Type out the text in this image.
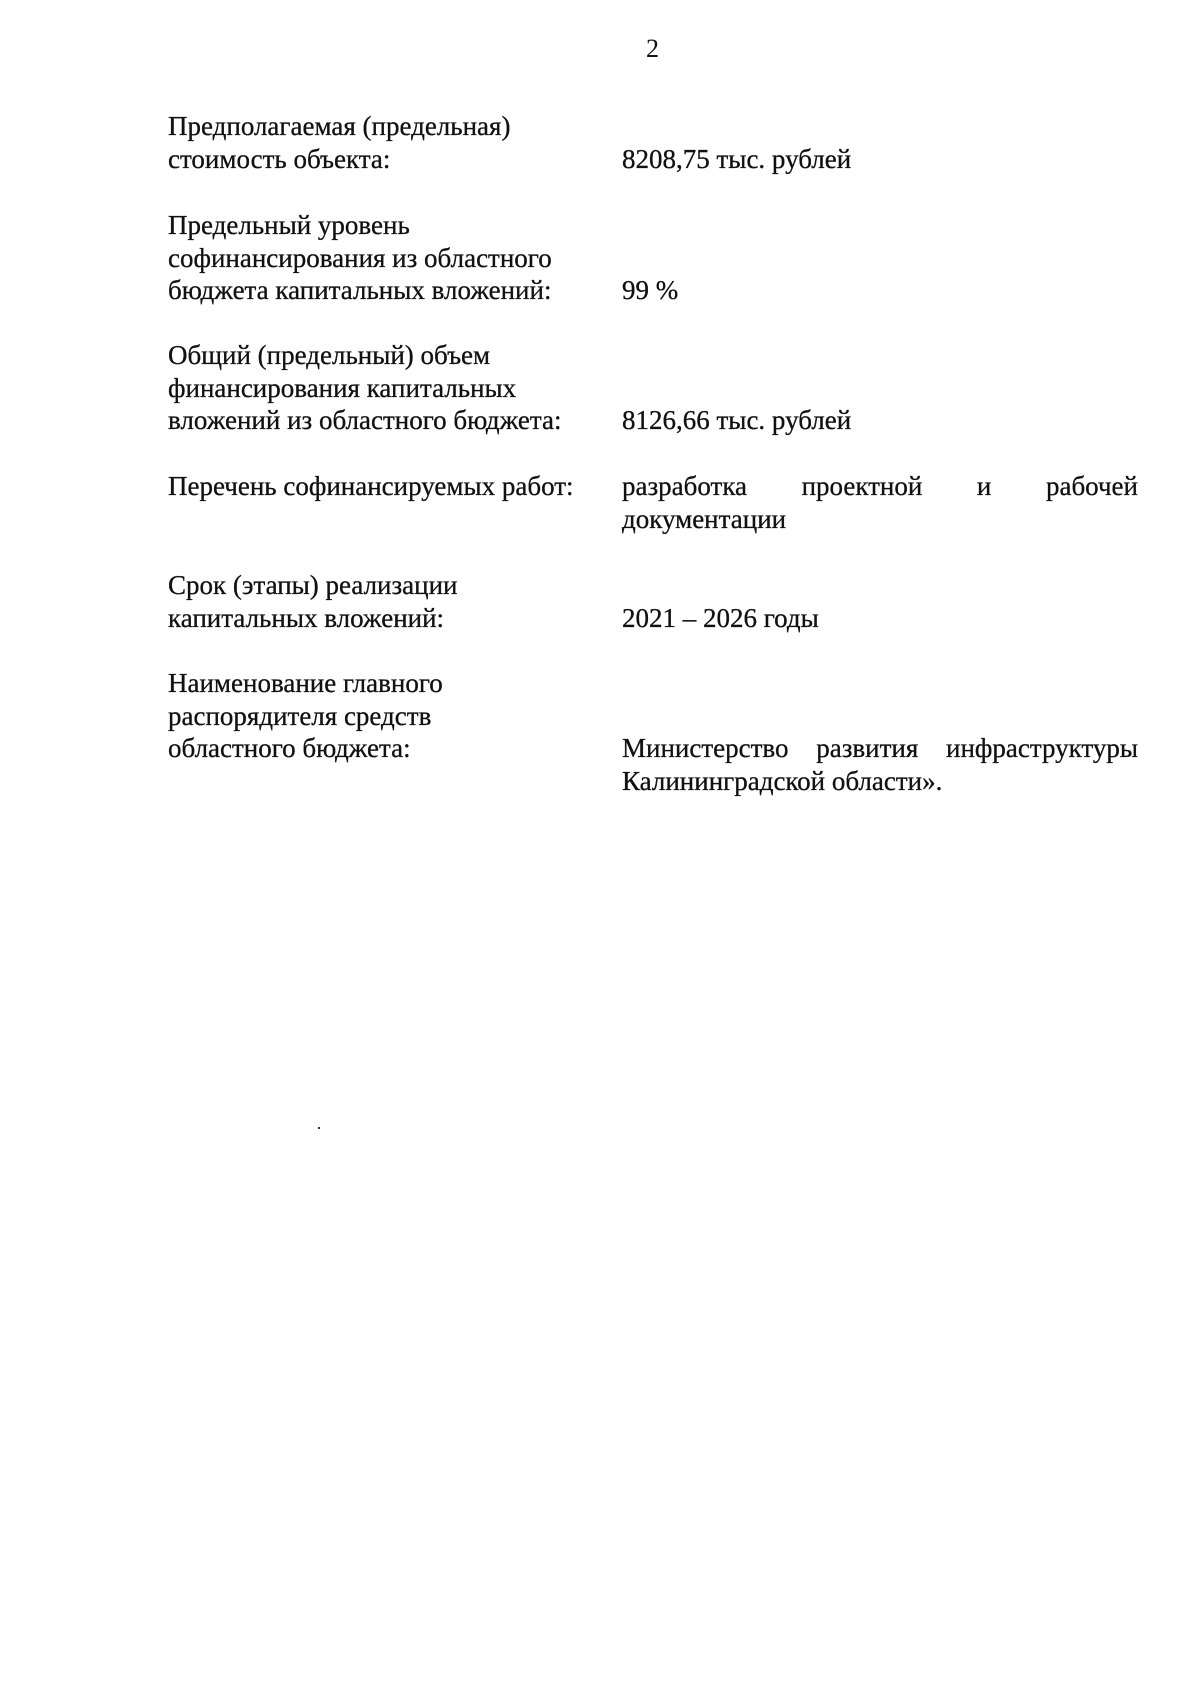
2
Предполагаемая (предельная)
стоимость объекта:	8208,75 тыс. рублей
Предельный уровень
софинансирования из областного
бюджета капитальных вложений:	99 %
Общий (предельный) объем
финансирования капитальных
вложений из областного бюджета:	8126,66 тыс. рублей
Перечень софинансируемых работ:	разработка проектной и рабочей документации
Срок (этапы) реализации
капитальных вложений:	2021 – 2026 годы
Наименование главного
распорядителя средств
областного бюджета:	Министерство развития инфраструктуры Калининградской области».
